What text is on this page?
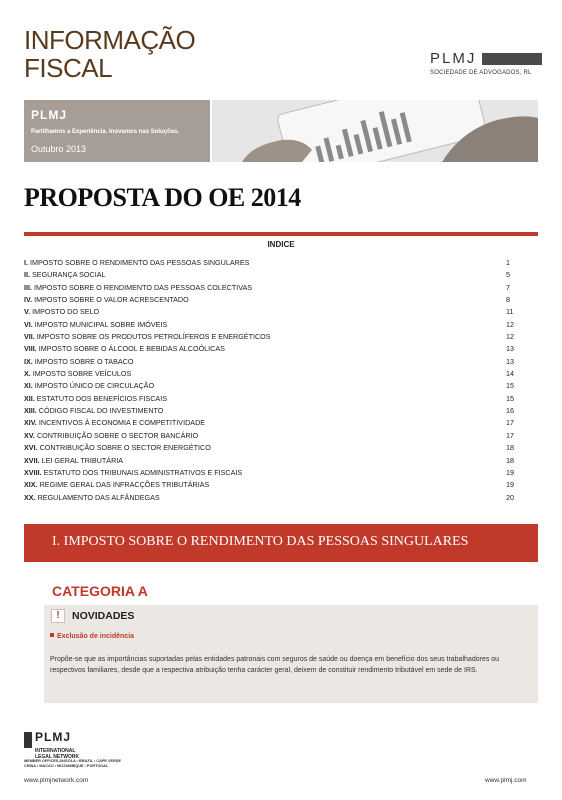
INFORMAÇÃO
FISCAL	PLMJ
SOCIEDADE DE ADVOGADOS, RL
PLMJ
Partilhamos a Experiência. Inovamos nas Soluções.
Outubro 2013
PROPOSTA DO OE 2014
INDICE
I. IMPOSTO SOBRE O RENDIMENTO DAS PESSOAS SINGULARES	1
II. SEGURANÇA SOCIAL	5
III. IMPOSTO SOBRE O RENDIMENTO DAS PESSOAS COLECTIVAS	7
IV. IMPOSTO SOBRE O VALOR ACRESCENTADO	8
V. IMPOSTO DO SELO	11
VI. IMPOSTO MUNICIPAL SOBRE IMÓVEIS	12
VII. IMPOSTO SOBRE OS PRODUTOS PETROLÍFEROS E ENERGÉTICOS	12
VIII. IMPOSTO SOBRE O ÁLCOOL E BEBIDAS ALCOÓLICAS	13
IX. IMPOSTO SOBRE O TABACO	13
X. IMPOSTO SOBRE VEÍCULOS	14
XI. IMPOSTO ÚNICO DE CIRCULAÇÃO	15
XII. ESTATUTO DOS BENEFÍCIOS FISCAIS	15
XIII. CÓDIGO FISCAL DO INVESTIMENTO	16
XIV. INCENTIVOS À ECONOMIA E COMPETITIVIDADE	17
XV. CONTRIBUIÇÃO SOBRE O SECTOR BANCÁRIO	17
XVI. CONTRIBUIÇÃO SOBRE O SECTOR ENERGÉTICO	18
XVII. LEI GERAL TRIBUTÁRIA	18
XVIII. ESTATUTO DOS TRIBUNAIS ADMINISTRATIVOS E FISCAIS	19
XIX. REGIME GERAL DAS INFRACÇÕES TRIBUTÁRIAS	19
XX. REGULAMENTO DAS ALFÂNDEGAS	20
I. IMPOSTO SOBRE O RENDIMENTO DAS PESSOAS SINGULARES
CATEGORIA A
!	NOVIDADES
Exclusão de incidência
Propõe-se que as importâncias suportadas pelas entidades patronais com seguros de saúde ou doença em benefício dos seus trabalhadores ou respectivos familiares, desde que a respectiva atribuição tenha carácter geral, deixem de constituir rendimento tributável em sede de IRS.
PLMJ
INTERNATIONAL
LEGAL NETWORK
MEMBER OFFICES ANGOLA • BRAZIL • CAPE VERDE
CHINA • MACAO • MOZAMBIQUE • PORTUGAL
www.plmjnetwork.com	www.plmj.com
